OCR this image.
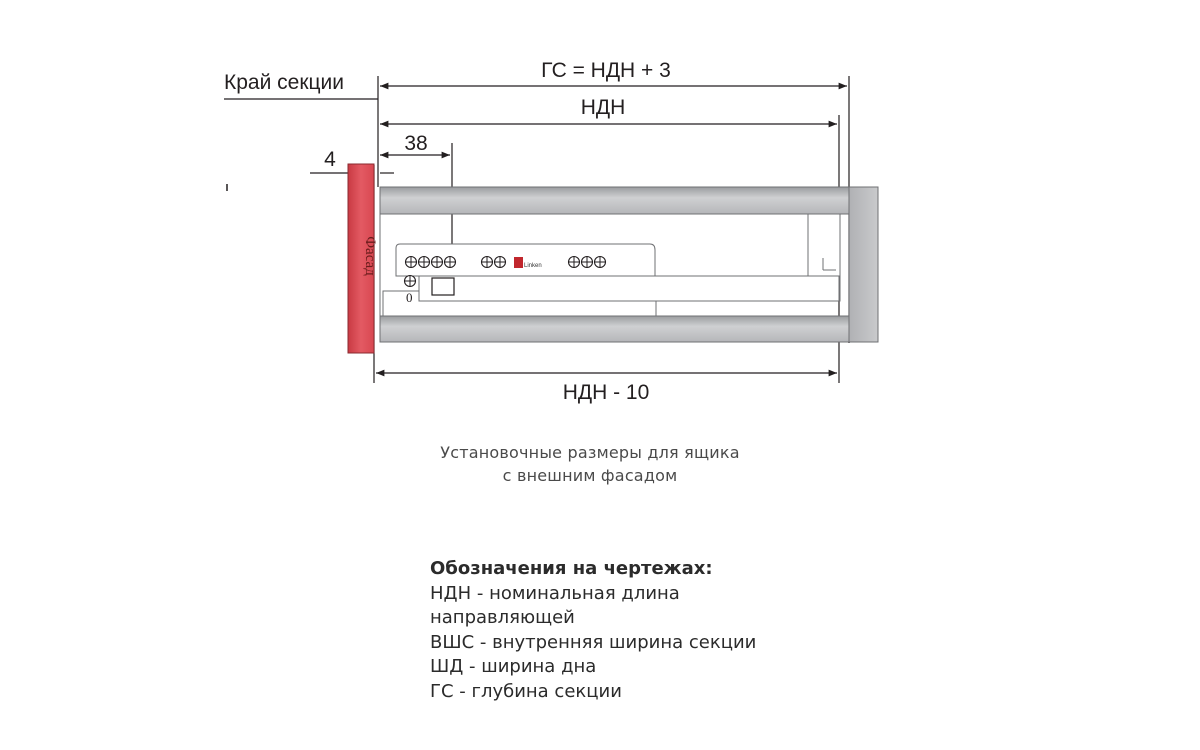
Край секции
ГС = НДН + 3
НДН
38
4
Фасад
0
Linken
НДН - 10
Установочные размеры для ящика
с внешним фасадом
Обозначения на чертежах:
НДН - номинальная длина
направляющей
ВШС - внутренняя ширина секции
ШД - ширина дна
ГС - глубина секции
